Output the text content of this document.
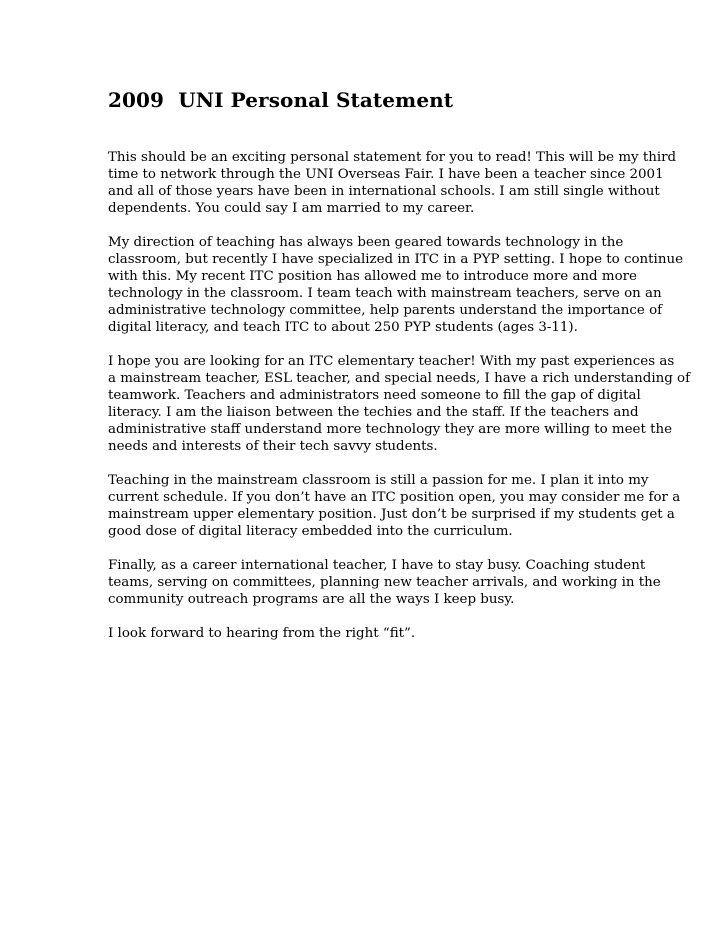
2009  UNI Personal Statement

This should be an exciting personal statement for you to read! This will be my third
time to network through the UNI Overseas Fair. I have been a teacher since 2001
and all of those years have been in international schools. I am still single without
dependents. You could say I am married to my career.

My direction of teaching has always been geared towards technology in the
classroom, but recently I have specialized in ITC in a PYP setting. I hope to continue
with this. My recent ITC position has allowed me to introduce more and more
technology in the classroom. I team teach with mainstream teachers, serve on an
administrative technology committee, help parents understand the importance of
digital literacy, and teach ITC to about 250 PYP students (ages 3-11).

I hope you are looking for an ITC elementary teacher! With my past experiences as
a mainstream teacher, ESL teacher, and special needs, I have a rich understanding of
teamwork. Teachers and administrators need someone to fill the gap of digital
literacy. I am the liaison between the techies and the staff. If the teachers and
administrative staff understand more technology they are more willing to meet the
needs and interests of their tech savvy students.

Teaching in the mainstream classroom is still a passion for me. I plan it into my
current schedule. If you don’t have an ITC position open, you may consider me for a
mainstream upper elementary position. Just don’t be surprised if my students get a
good dose of digital literacy embedded into the curriculum.

Finally, as a career international teacher, I have to stay busy. Coaching student
teams, serving on committees, planning new teacher arrivals, and working in the
community outreach programs are all the ways I keep busy.

I look forward to hearing from the right “fit”.
